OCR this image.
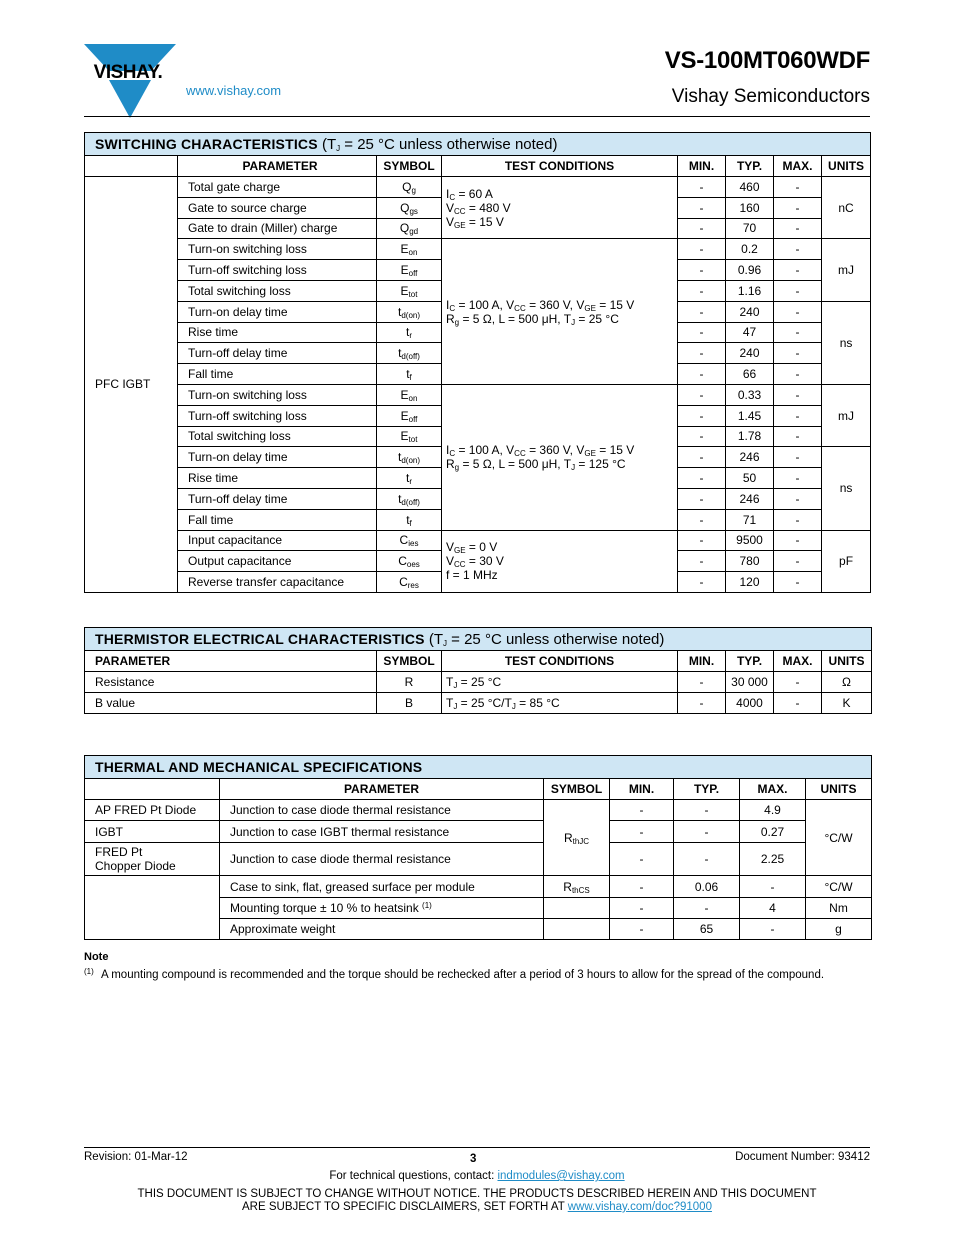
VISHAY.
www.vishay.com
VS-100MT060WDF
Vishay Semiconductors
SWITCHING CHARACTERISTICS ($T_J = 25$ °C unless otherwise noted)							
	PARAMETER	SYMBOL	TEST CONDITIONS	MIN.	TYP.	MAX.	UNITS
PFC IGBT	Total gate charge	$Q_g$	$I_C = 60$ A
$V_{CC} = 480$ V
$V_{GE} = 15$ V	-	460	-	nC
	Gate to source charge	$Q_{gs}$		-	160	-	
	Gate to drain (Miller) charge	$Q_{gd}$		-	70	-	
	Turn-on switching loss	$E_{on}$	$I_C = 100$ A, $V_{CC} = 360$ V, $V_{GE} = 15$ V
$R_g = 5$ Ω, L = 500 μH, $T_J = 25$ °C	-	0.2	-	mJ
	Turn-off switching loss	$E_{off}$		-	0.96	-	
	Total switching loss	$E_{tot}$		-	1.16	-	
	Turn-on delay time	$t_{d(on)}$		-	240	-	ns
	Rise time	$t_r$		-	47	-	
	Turn-off delay time	$t_{d(off)}$		-	240	-	
	Fall time	$t_f$		-	66	-	
	Turn-on switching loss	$E_{on}$	$I_C = 100$ A, $V_{CC} = 360$ V, $V_{GE} = 15$ V
$R_g = 5$ Ω, L = 500 μH, $T_J = 125$ °C	-	0.33	-	mJ
	Turn-off switching loss	$E_{off}$		-	1.45	-	
	Total switching loss	$E_{tot}$		-	1.78	-	
	Turn-on delay time	$t_{d(on)}$		-	246	-	ns
	Rise time	$t_r$		-	50	-	
	Turn-off delay time	$t_{d(off)}$		-	246	-	
	Fall time	$t_f$		-	71	-	
	Input capacitance	$C_{ies}$	$V_{GE} = 0$ V
$V_{CC} = 30$ V
f = 1 MHz	-	9500	-	pF
	Output capacitance	$C_{oes}$		-	780	-	
	Reverse transfer capacitance	$C_{res}$		-	120	-	
THERMISTOR ELECTRICAL CHARACTERISTICS ($T_J = 25$ °C unless otherwise noted)						
PARAMETER	SYMBOL	TEST CONDITIONS	MIN.	TYP.	MAX.	UNITS
Resistance	R	$T_J = 25$ °C	-	30 000	-	Ω
B value	B	$T_J = 25$ $^\circ C/T_J = 85$ °C	-	4000	-	K
THERMAL AND MECHANICAL SPECIFICATIONS						
	PARAMETER	SYMBOL	MIN.	TYP.	MAX.	UNITS
AP FRED Pt Diode	Junction to case diode thermal resistance	$R_{thJC}$	-	-	4.9	°C/W
IGBT	Junction to case IGBT thermal resistance		-	-	0.27	
FRED Pt
Chopper Diode	Junction to case diode thermal resistance		-	-	2.25	
	Case to sink, flat, greased surface per module	$R_{thCS}$	-	0.06	-	°C/W
	Mounting torque ± 10 % to heatsink $^{(1)}$		-	-	4	Nm
	Approximate weight		-	65	-	g
Note
(1) A mounting compound is recommended and the torque should be rechecked after a period of 3 hours to allow for the spread of the compound.
Revision: 01-Mar-12	3	Document Number: 93412
For technical questions, contact: indmodules@vishay.com
THIS DOCUMENT IS SUBJECT TO CHANGE WITHOUT NOTICE. THE PRODUCTS DESCRIBED HEREIN AND THIS DOCUMENT
ARE SUBJECT TO SPECIFIC DISCLAIMERS, SET FORTH AT www.vishay.com/doc?91000
